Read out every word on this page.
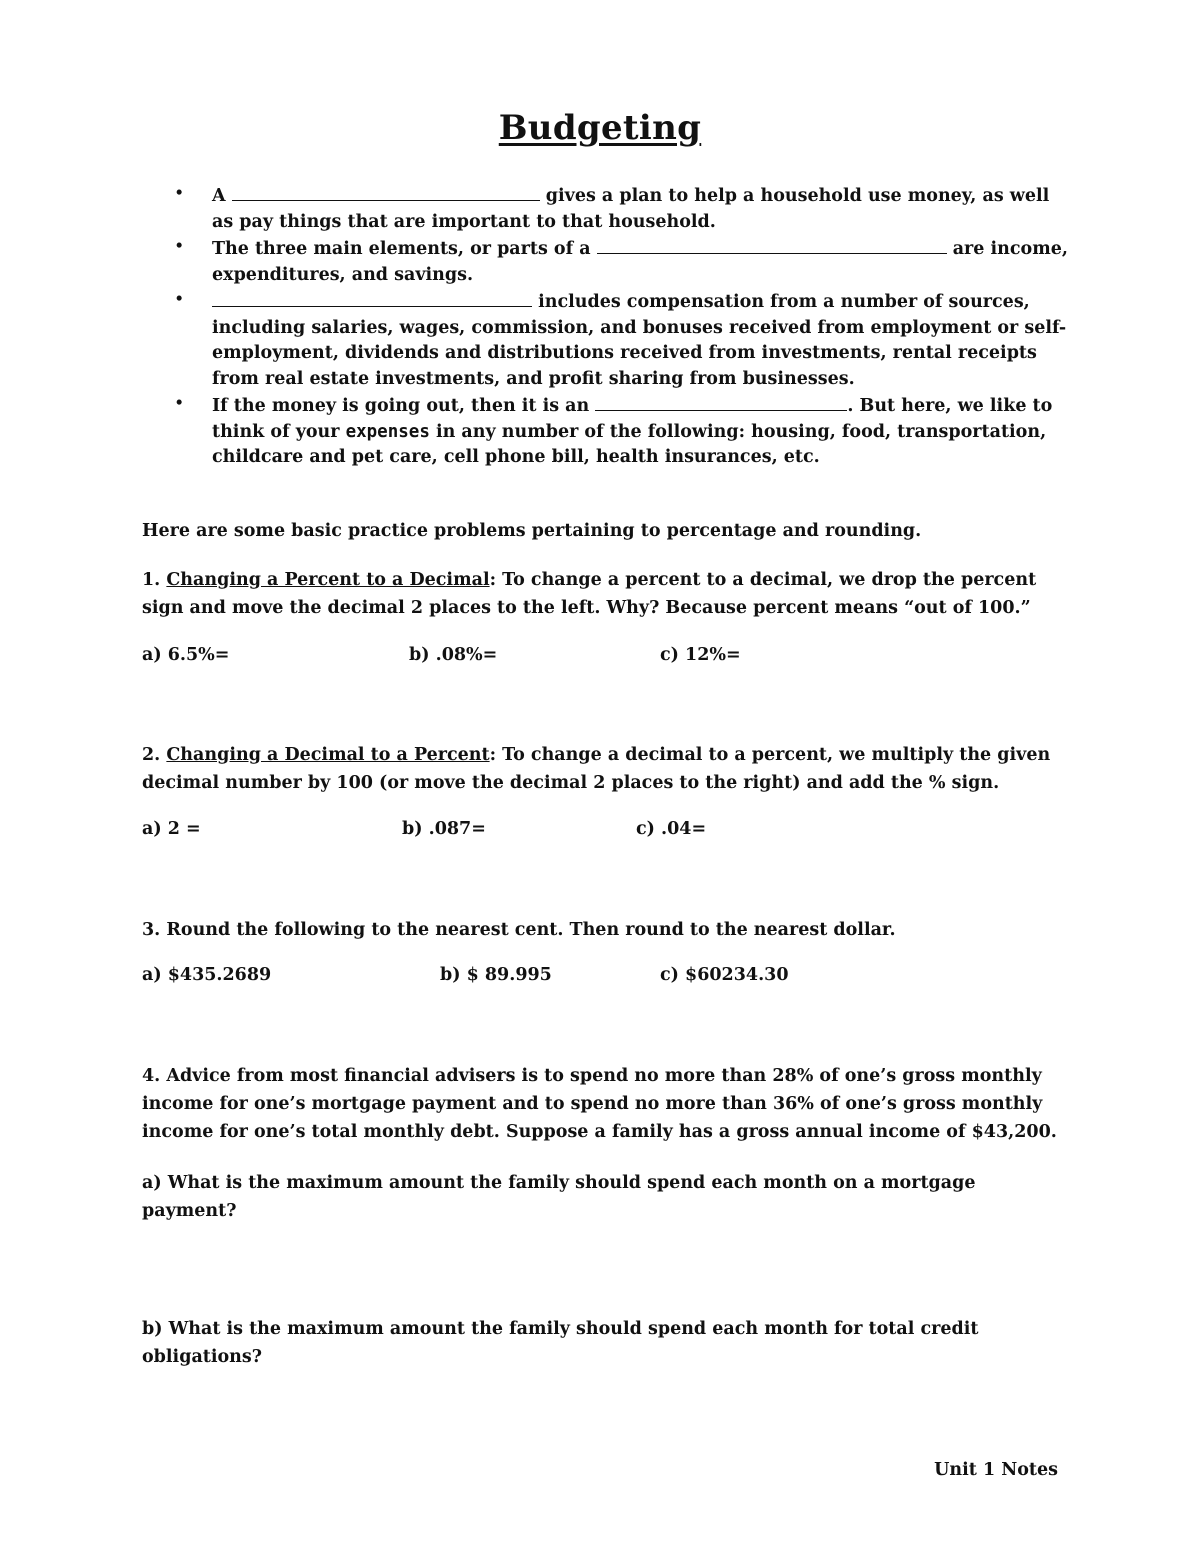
Budgeting
• A	gives a plan to help a household use money, as well as pay things that are important to that household.
• The three main elements, or parts of a	are income, expenditures, and savings.
•	includes compensation from a number of sources, including salaries, wages, commission, and bonuses received from employment or self-employment, dividends and distributions received from investments, rental receipts from real estate investments, and profit sharing from businesses.
• If the money is going out, then it is an	. But here, we like to think of your expenses in any number of the following: housing, food, transportation, childcare and pet care, cell phone bill, health insurances, etc.

Here are some basic practice problems pertaining to percentage and rounding.

1. Changing a Percent to a Decimal: To change a percent to a decimal, we drop the percent sign and move the decimal 2 places to the left. Why? Because percent means “out of 100.”

a) 6.5%=	b) .08%=	c) 12%=

2. Changing a Decimal to a Percent: To change a decimal to a percent, we multiply the given decimal number by 100 (or move the decimal 2 places to the right) and add the % sign.

a) 2 =	b) .087=	c) .04=

3. Round the following to the nearest cent. Then round to the nearest dollar.

a) $435.2689	b) $ 89.995	c) $60234.30

4. Advice from most financial advisers is to spend no more than 28% of one’s gross monthly income for one’s mortgage payment and to spend no more than 36% of one’s gross monthly income for one’s total monthly debt. Suppose a family has a gross annual income of $43,200.

a) What is the maximum amount the family should spend each month on a mortgage payment?

b) What is the maximum amount the family should spend each month for total credit obligations?

Unit 1 Notes
